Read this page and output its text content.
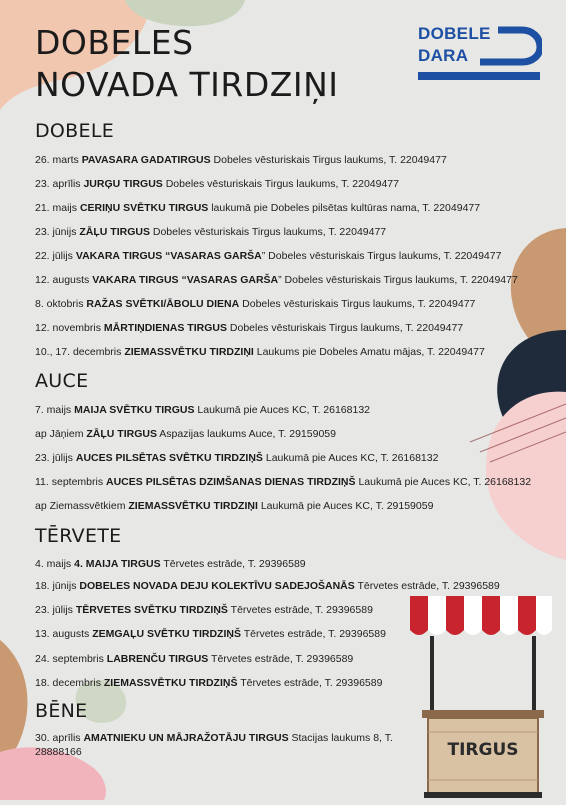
DOBELES
NOVADA TIRDZIŅI
DOBELE
DARA
DOBELE
26. marts PAVASARA GADATIRGUS Dobeles vēsturiskais Tirgus laukums, T. 22049477
23. aprīlis JURĢU TIRGUS Dobeles vēsturiskais Tirgus laukums, T. 22049477
21. maijs CERIŅU SVĒTKU TIRGUS laukumā pie Dobeles pilsētas kultūras nama, T. 22049477
23. jūnijs ZĀĻU TIRGUS Dobeles vēsturiskais Tirgus laukums, T. 22049477
22. jūlijs VAKARA TIRGUS “VASARAS GARŠA” Dobeles vēsturiskais Tirgus laukums, T. 22049477
12. augusts VAKARA TIRGUS “VASARAS GARŠA” Dobeles vēsturiskais Tirgus laukums, T. 22049477
8. oktobris RAŽAS SVĒTKI/ĀBOLU DIENA Dobeles vēsturiskais Tirgus laukums, T. 22049477
12. novembris MĀRTIŅDIENAS TIRGUS Dobeles vēsturiskais Tirgus laukums, T. 22049477
10., 17. decembris ZIEMASSVĒTKU TIRDZIŅI Laukums pie Dobeles Amatu mājas, T. 22049477
AUCE
7. maijs MAIJA SVĒTKU TIRGUS Laukumā pie Auces KC, T. 26168132
ap Jāņiem ZĀĻU TIRGUS Aspazijas laukums Auce, T. 29159059
23. jūlijs AUCES PILSĒTAS SVĒTKU TIRDZIŅŠ Laukumā pie Auces KC, T. 26168132
11. septembris AUCES PILSĒTAS DZIMŠANAS DIENAS TIRDZIŅŠ Laukumā pie Auces KC, T. 26168132
ap Ziemassvētkiem ZIEMASSVĒTKU TIRDZIŅI Laukumā pie Auces KC, T. 29159059
TĒRVETE
4. maijs 4. MAIJA TIRGUS Tērvetes estrāde, T. 29396589
18. jūnijs DOBELES NOVADA DEJU KOLEKTĪVU SADEJOŠANĀS Tērvetes estrāde, T. 29396589
23. jūlijs TĒRVETES SVĒTKU TIRDZIŅŠ Tērvetes estrāde, T. 29396589
13. augusts ZEMGAĻU SVĒTKU TIRDZIŅŠ Tērvetes estrāde, T. 29396589
24. septembris LABRENČU TIRGUS Tērvetes estrāde, T. 29396589
18. decembris ZIEMASSVĒTKU TIRDZIŅŠ Tērvetes estrāde, T. 29396589
BĒNE
30. aprīlis AMATNIEKU UN MĀJRAŽOTĀJU TIRGUS Stacijas laukums 8, T. 28888166	TIRGUS
